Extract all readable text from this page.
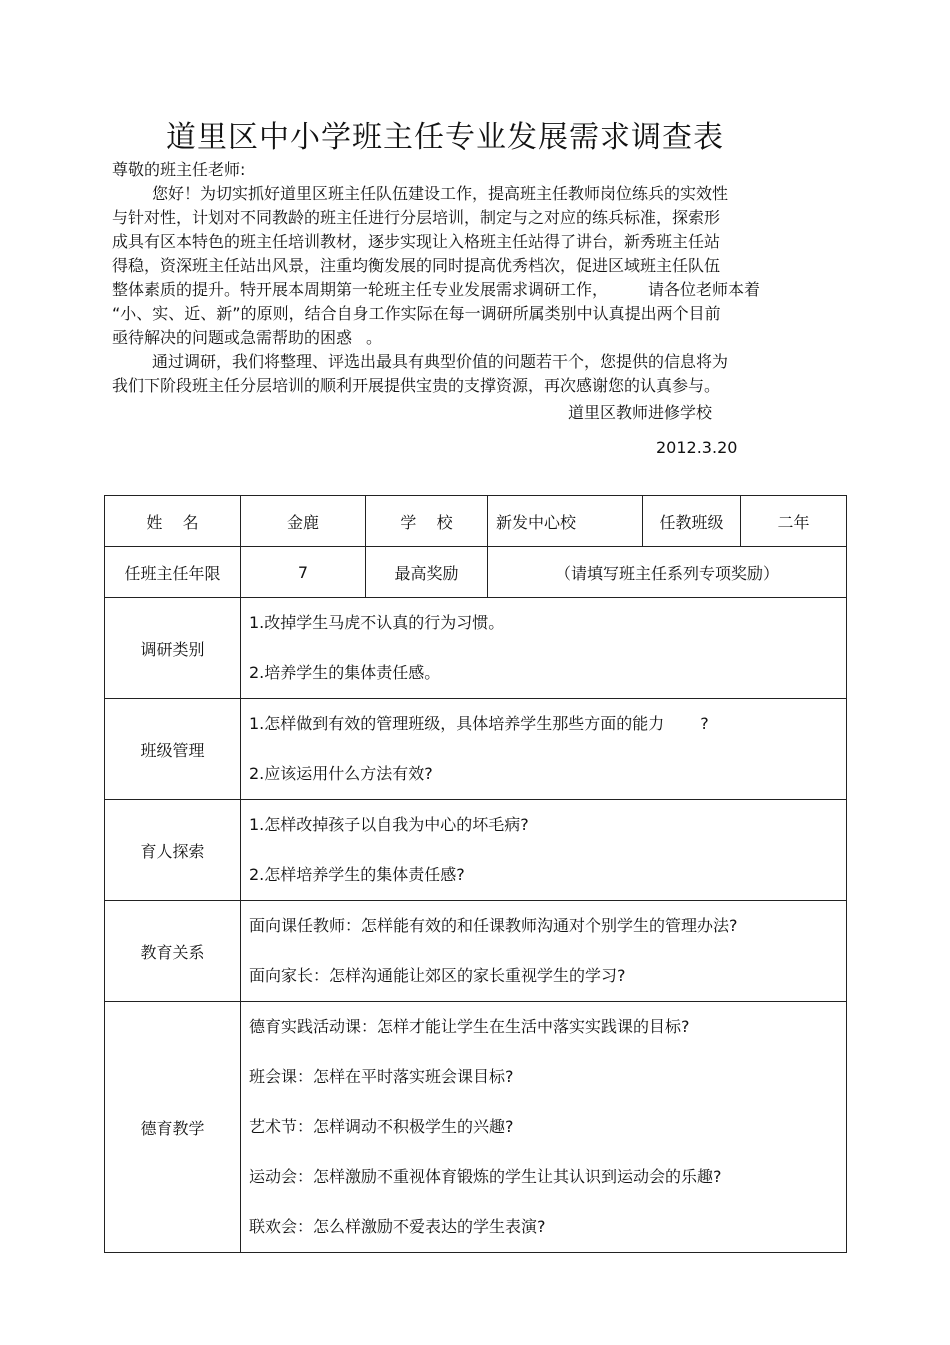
道里区中小学班主任专业发展需求调查表
尊敬的班主任老师:
您好！为切实抓好道里区班主任队伍建设工作，提高班主任教师岗位练兵的实效性
与针对性，计划对不同教龄的班主任进行分层培训，制定与之对应的练兵标准，探索形
成具有区本特色的班主任培训教材，逐步实现让入格班主任站得了讲台，新秀班主任站
得稳，资深班主任站出风景，注重均衡发展的同时提高优秀档次，促进区域班主任队伍
整体素质的提升。特开展本周期第一轮班主任专业发展需求调研工作，	请各位老师本着
“小、实、近、新”的原则，结合自身工作实际在每一调研所属类别中认真提出两个目前
亟待解决的问题或急需帮助的困惑 。
通过调研，我们将整理、评选出最具有典型价值的问题若干个，您提供的信息将为
我们下阶段班主任分层培训的顺利开展提供宝贵的支撑资源，再次感谢您的认真参与。
道里区教师进修学校
2012.3.20
姓    名	金鹿	学    校	新发中心校	任教班级	二年
任班主任年限	7	最高奖励	（请填写班主任系列专项奖励）		
调研类别	1.改掉学生马虎不认真的行为习惯。
2.培养学生的集体责任感。				

班级管理	1.怎样做到有效的管理班级，具体培养学生那些方面的能力 ?
2.应该运用什么方法有效?				

育人探索	1.怎样改掉孩子以自我为中心的坏毛病?
2.怎样培养学生的集体责任感?				

教育关系	面向课任教师：怎样能有效的和任课教师沟通对个别学生的管理办法?
面向家长：怎样沟通能让郊区的家长重视学生的学习?				

德育教学	德育实践活动课：怎样才能让学生在生活中落实实践课的目标?
班会课：怎样在平时落实班会课目标?
艺术节：怎样调动不积极学生的兴趣?
运动会：怎样激励不重视体育锻炼的学生让其认识到运动会的乐趣?
联欢会：怎么样激励不爱表达的学生表演?				
